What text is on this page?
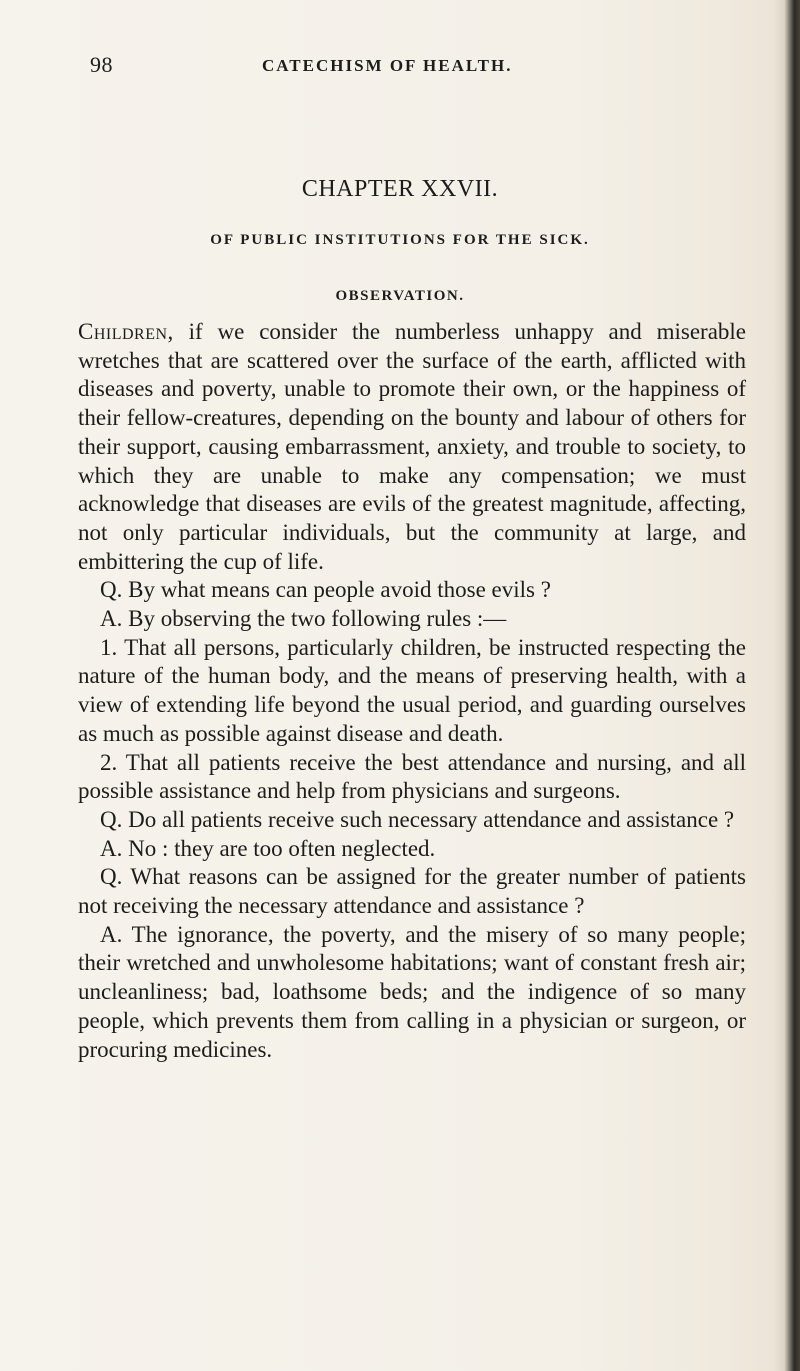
98	CATECHISM OF HEALTH.
CHAPTER XXVII.
OF PUBLIC INSTITUTIONS FOR THE SICK.
OBSERVATION.

Children, if we consider the numberless unhappy and miserable wretches that are scattered over the surface of the earth, afflicted with diseases and poverty, unable to promote their own, or the happiness of their fellow-creatures, depending on the bounty and labour of others for their support, causing embarrassment, anxiety, and trouble to society, to which they are unable to make any compensation; we must acknowledge that diseases are evils of the greatest magnitude, affecting, not only particular individuals, but the community at large, and embittering the cup of life.

Q. By what means can people avoid those evils ?

A. By observing the two following rules :—

1. That all persons, particularly children, be instructed respecting the nature of the human body, and the means of preserving health, with a view of extending life beyond the usual period, and guarding ourselves as much as possible against disease and death.

2. That all patients receive the best attendance and nursing, and all possible assistance and help from physicians and surgeons.

Q. Do all patients receive such necessary attendance and assistance ?

A. No : they are too often neglected.

Q. What reasons can be assigned for the greater number of patients not receiving the necessary attendance and assistance ?

A. The ignorance, the poverty, and the misery of so many people; their wretched and unwholesome habitations; want of constant fresh air; uncleanliness; bad, loathsome beds; and the indigence of so many people, which prevents them from calling in a physician or surgeon, or procuring medicines.
